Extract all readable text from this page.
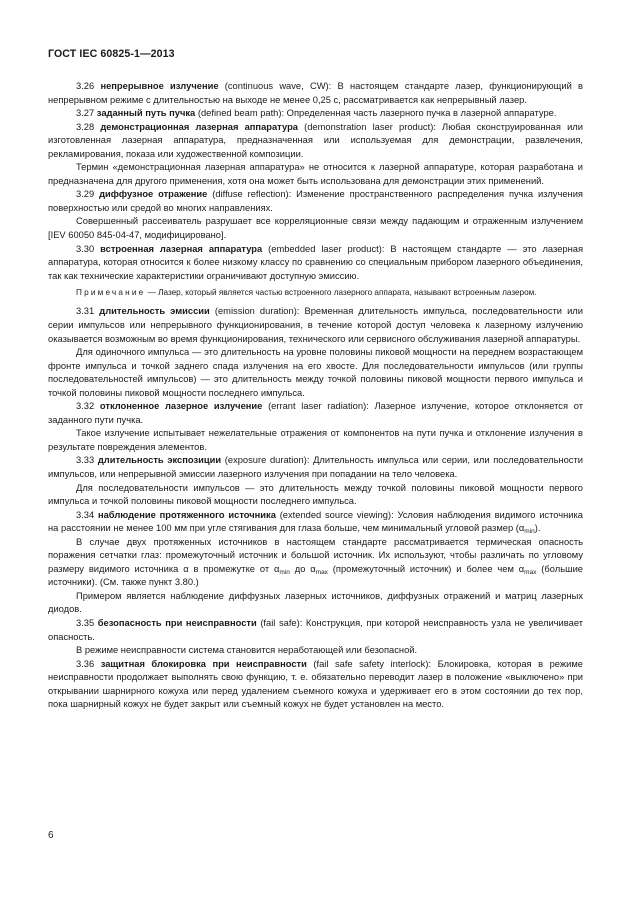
ГОСТ IEC 60825-1—2013

3.26 непрерывное излучение (continuous wave, CW): В настоящем стандарте лазер, функционирующий в непрерывном режиме с длительностью на выходе не менее 0,25 с, рассматривается как непрерывный лазер.

3.27 заданный путь пучка (defined beam path): Определенная часть лазерного пучка в лазерной аппаратуре.

3.28 демонстрационная лазерная аппаратура (demonstration laser product): Любая сконструированная или изготовленная лазерная аппаратура, предназначенная или используемая для демонстрации, развлечения, рекламирования, показа или художественной композиции.

Термин «демонстрационная лазерная аппаратура» не относится к лазерной аппаратуре, которая разработана и предназначена для другого применения, хотя она может быть использована для демонстрации этих применений.

3.29 диффузное отражение (diffuse reflection): Изменение пространственного распределения пучка излучения поверхностью или средой во многих направлениях.

Совершенный рассеиватель разрушает все корреляционные связи между падающим и отраженным излучением [IEV 60050 845-04-47, модифицировано].

3.30 встроенная лазерная аппаратура (embedded laser product): В настоящем стандарте — это лазерная аппаратура, которая относится к более низкому классу по сравнению со специальным прибором лазерного объединения, так как технические характеристики ограничивают доступную эмиссию.

Примечание — Лазер, который является частью встроенного лазерного аппарата, называют встроенным лазером.

3.31 длительность эмиссии (emission duration): Временная длительность импульса, последовательности или серии импульсов или непрерывного функционирования, в течение которой доступ человека к лазерному излучению оказывается возможным во время функционирования, технического или сервисного обслуживания лазерной аппаратуры.

Для одиночного импульса — это длительность на уровне половины пиковой мощности на переднем возрастающем фронте импульса и точкой заднего спада излучения на его хвосте. Для последовательности импульсов (или группы последовательностей импульсов) — это длительность между точкой половины пиковой мощности первого импульса и точкой половины пиковой мощности последнего импульса.

3.32 отклоненное лазерное излучение (errant laser radiation): Лазерное излучение, которое отклоняется от заданного пути пучка.

Такое излучение испытывает нежелательные отражения от компонентов на пути пучка и отклонение излучения в результате повреждения элементов.

3.33 длительность экспозиции (exposure duration): Длительность импульса или серии, или последовательности импульсов, или непрерывной эмиссии лазерного излучения при попадании на тело человека.

Для последовательности импульсов — это длительность между точкой половины пиковой мощности первого импульса и точкой половины пиковой мощности последнего импульса.

3.34 наблюдение протяженного источника (extended source viewing): Условия наблюдения видимого источника на расстоянии не менее 100 мм при угле стягивания для глаза больше, чем минимальный угловой размер $(\alpha_{min})$.

В случае двух протяженных источников в настоящем стандарте рассматривается термическая опасность поражения сетчатки глаз: промежуточный источник и большой источник. Их используют, чтобы различать по угловому размеру видимого источника α в промежутке от $\alpha_{min}$ до $\alpha_{max}$ (промежуточный источник) и более чем $\alpha_{max}$ (большие источники). (См. также пункт 3.80.)

Примером является наблюдение диффузных лазерных источников, диффузных отражений и матриц лазерных диодов.

3.35 безопасность при неисправности (fail safe): Конструкция, при которой неисправность узла не увеличивает опасность.

В режиме неисправности система становится неработающей или безопасной.

3.36 защитная блокировка при неисправности (fail safe safety interlock): Блокировка, которая в режиме неисправности продолжает выполнять свою функцию, т. е. обязательно переводит лазер в положение «выключено» при открывании шарнирного кожуха или перед удалением съемного кожуха и удерживает его в этом состоянии до тех пор, пока шарнирный кожух не будет закрыт или съемный кожух не будет установлен на место.

6
